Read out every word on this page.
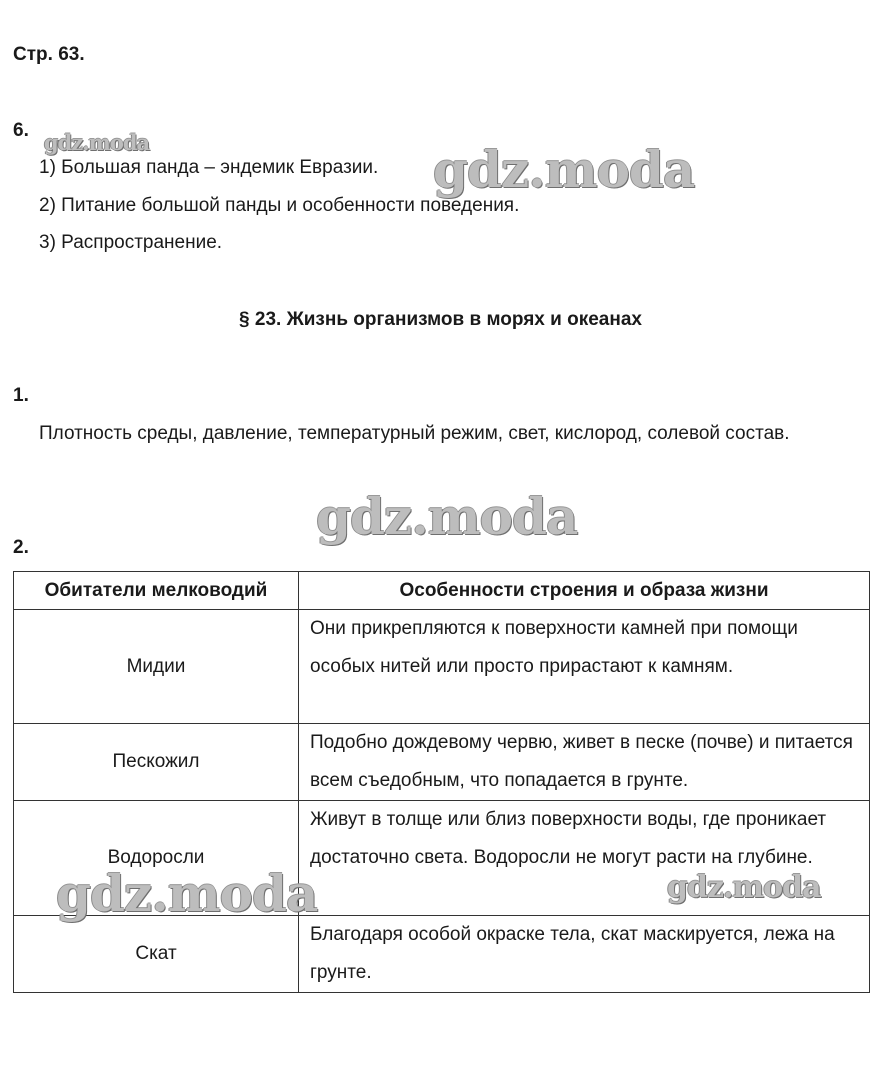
Стр. 63.
6.
1) Большая панда – эндемик Евразии.
2) Питание большой панды и особенности поведения.
3) Распространение.
§ 23. Жизнь организмов в морях и океанах
1.
Плотность среды, давление, температурный режим, свет, кислород, солевой состав.
2.
Обитатели мелководий	Особенности строения и образа жизни
Мидии	Они прикрепляются к поверхности камней при помощи особых нитей или просто прирастают к камням.
Пескожил	Подобно дождевому червю, живет в песке (почве) и питается всем съедобным, что попадается в грунте.
Водоросли	Живут в толще или близ поверхности воды, где проникает достаточно света. Водоросли не могут расти на глубине.
Скат	Благодаря особой окраске тела, скат маскируется, лежа на грунте.
gdz.moda	gdz.moda
gdz.moda
gdz.moda	gdz.moda
